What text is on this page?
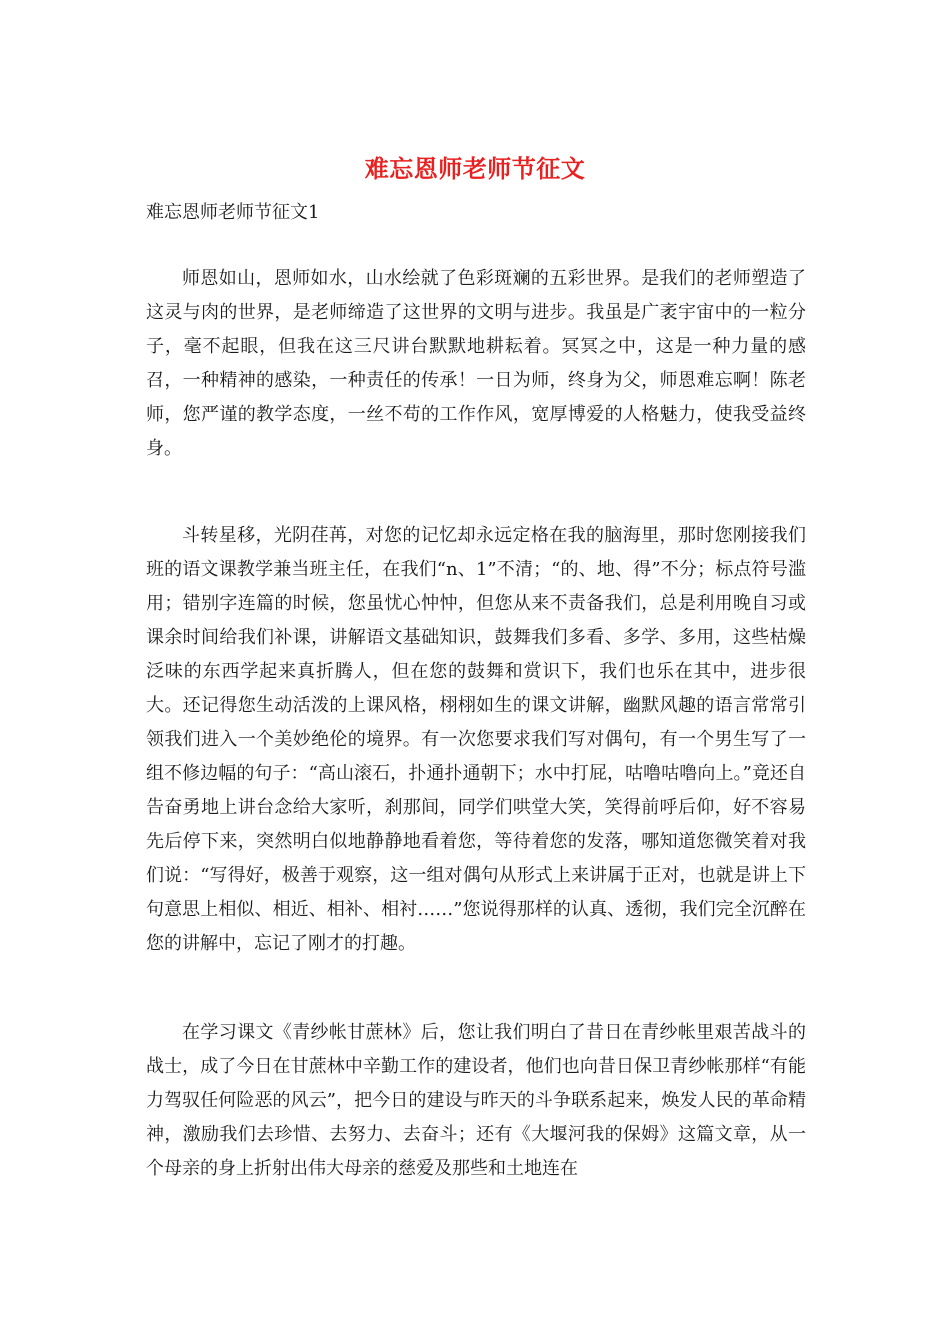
难忘恩师老师节征文
难忘恩师老师节征文1

师恩如山，恩师如水，山水绘就了色彩斑斓的五彩世界。是我们的老师塑造了这灵与肉的世界，是老师缔造了这世界的文明与进步。我虽是广袤宇宙中的一粒分子，毫不起眼，但我在这三尺讲台默默地耕耘着。冥冥之中，这是一种力量的感召，一种精神的感染，一种责任的传承！一日为师，终身为父，师恩难忘啊！陈老师，您严谨的教学态度，一丝不苟的工作作风，宽厚博爱的人格魅力，使我受益终身。

斗转星移，光阴荏苒，对您的记忆却永远定格在我的脑海里，那时您刚接我们班的语文课教学兼当班主任，在我们“n、1”不清；“的、地、得”不分；标点符号滥用；错别字连篇的时候，您虽忧心忡忡，但您从来不责备我们，总是利用晚自习或课余时间给我们补课，讲解语文基础知识，鼓舞我们多看、多学、多用，这些枯燥泛味的东西学起来真折腾人，但在您的鼓舞和赏识下，我们也乐在其中，进步很大。还记得您生动活泼的上课风格，栩栩如生的课文讲解，幽默风趣的语言常常引领我们进入一个美妙绝伦的境界。有一次您要求我们写对偶句，有一个男生写了一组不修边幅的句子：“高山滚石，扑通扑通朝下；水中打屁，咕噜咕噜向上。”竟还自告奋勇地上讲台念给大家听，刹那间，同学们哄堂大笑，笑得前呼后仰，好不容易先后停下来，突然明白似地静静地看着您，等待着您的发落，哪知道您微笑着对我们说：“写得好，极善于观察，这一组对偶句从形式上来讲属于正对，也就是讲上下句意思上相似、相近、相补、相衬……”您说得那样的认真、透彻，我们完全沉醉在您的讲解中，忘记了刚才的打趣。

在学习课文《青纱帐甘蔗林》后，您让我们明白了昔日在青纱帐里艰苦战斗的战士，成了今日在甘蔗林中辛勤工作的建设者，他们也向昔日保卫青纱帐那样“有能力驾驭任何险恶的风云”，把今日的建设与昨天的斗争联系起来，焕发人民的革命精神，激励我们去珍惜、去努力、去奋斗；还有《大堰河我的保姆》这篇文章，从一个母亲的身上折射出伟大母亲的慈爱及那些和土地连在
